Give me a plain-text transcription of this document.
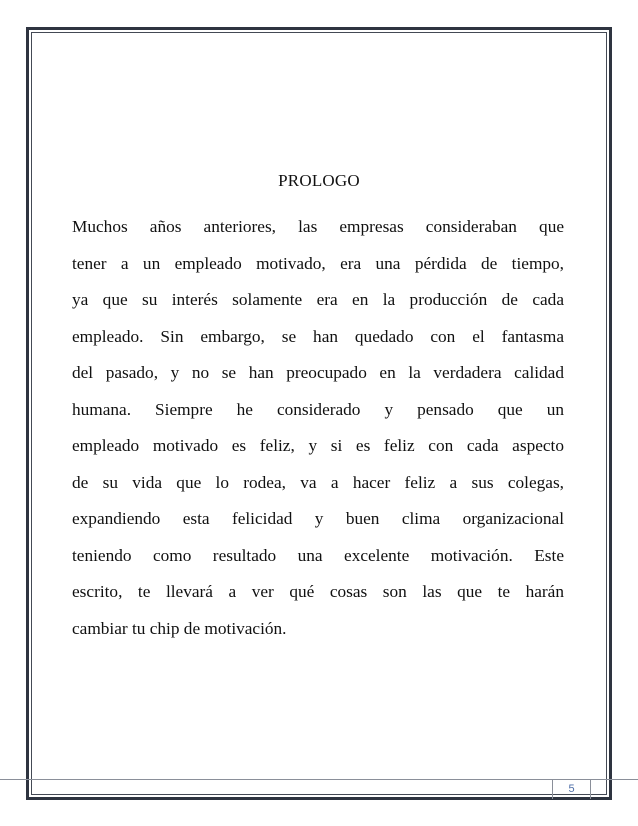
PROLOGO
Muchos años anteriores, las empresas consideraban que
tener a un empleado motivado, era una pérdida de tiempo,
ya que su interés solamente era en la producción de cada
empleado. Sin embargo, se han quedado con el fantasma
del pasado, y no se han preocupado en la verdadera calidad
humana. Siempre he considerado y pensado que un
empleado motivado es feliz, y si es feliz con cada aspecto
de su vida que lo rodea, va a hacer feliz a sus colegas,
expandiendo esta felicidad y buen clima organizacional
teniendo como resultado una excelente motivación. Este
escrito, te llevará a ver qué cosas son las que te harán
cambiar tu chip de motivación.
5
